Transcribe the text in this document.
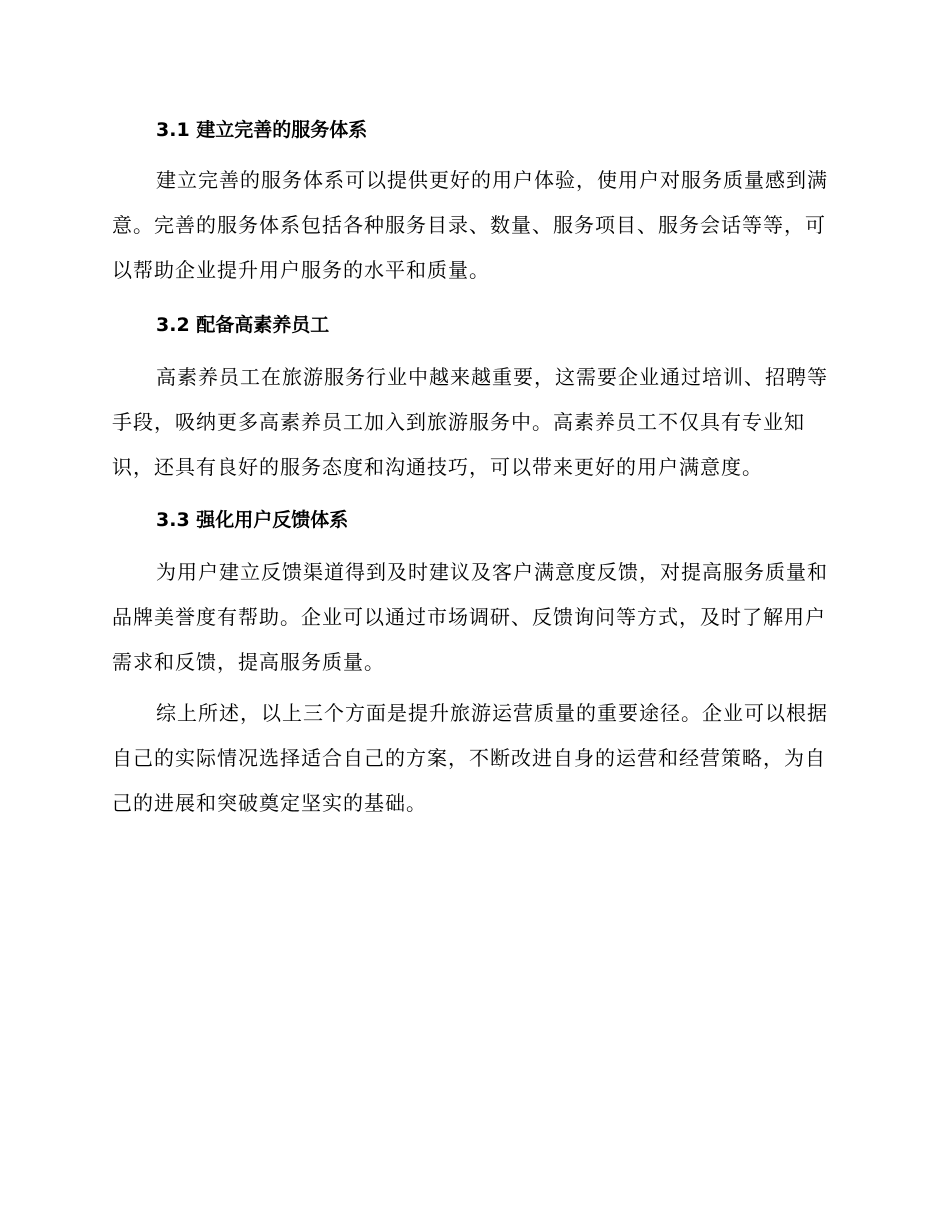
3.1 建立完善的服务体系

建立完善的服务体系可以提供更好的用户体验，使用户对服务质量感到满意。完善的服务体系包括各种服务目录、数量、服务项目、服务会话等等，可以帮助企业提升用户服务的水平和质量。

3.2 配备高素养员工

高素养员工在旅游服务行业中越来越重要，这需要企业通过培训、招聘等手段，吸纳更多高素养员工加入到旅游服务中。高素养员工不仅具有专业知识，还具有良好的服务态度和沟通技巧，可以带来更好的用户满意度。

3.3 强化用户反馈体系

为用户建立反馈渠道得到及时建议及客户满意度反馈，对提高服务质量和品牌美誉度有帮助。企业可以通过市场调研、反馈询问等方式，及时了解用户需求和反馈，提高服务质量。

综上所述，以上三个方面是提升旅游运营质量的重要途径。企业可以根据自己的实际情况选择适合自己的方案，不断改进自身的运营和经营策略，为自己的进展和突破奠定坚实的基础。
